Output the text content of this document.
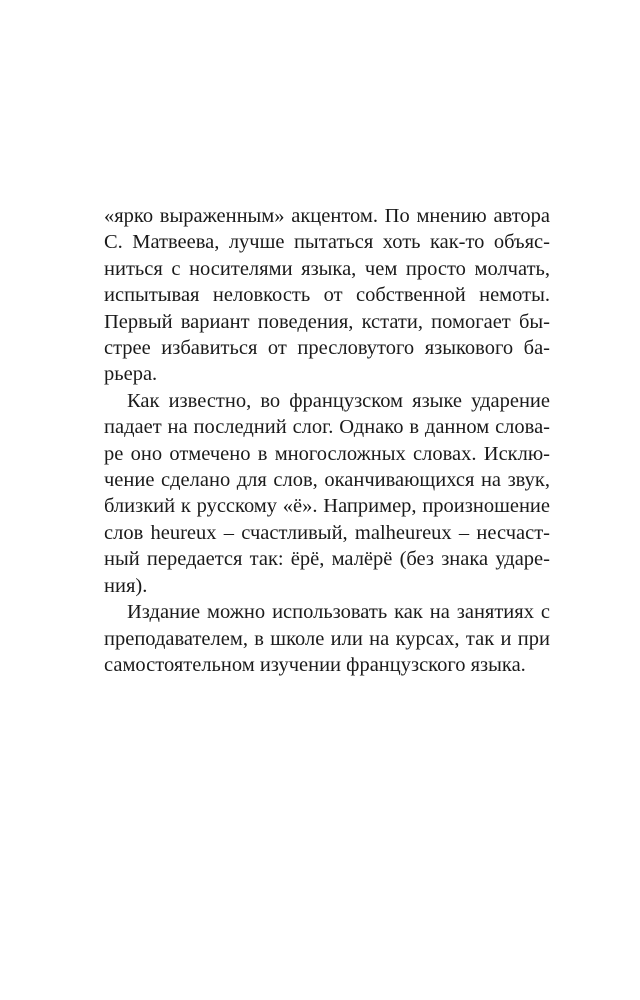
«ярко выраженным» акцентом. По мнению автора
С. Матвеева, лучше пытаться хоть как-то объяс-
ниться с носителями языка, чем просто молчать,
испытывая неловкость от собственной немоты.
Первый вариант поведения, кстати, помогает бы-
стрее избавиться от пресловутого языкового ба-
рьера.

Как известно, во французском языке ударение
падает на последний слог. Однако в данном слова-
ре оно отмечено в многосложных словах. Исклю-
чение сделано для слов, оканчивающихся на звук,
близкий к русскому «ё». Например, произношение
слов heureux – счастливый, malheureux – несчаст-
ный передается так: ёрё, малёрё (без знака ударе-
ния).

Издание можно использовать как на занятиях с
преподавателем, в школе или на курсах, так и при
самостоятельном изучении французского языка.
